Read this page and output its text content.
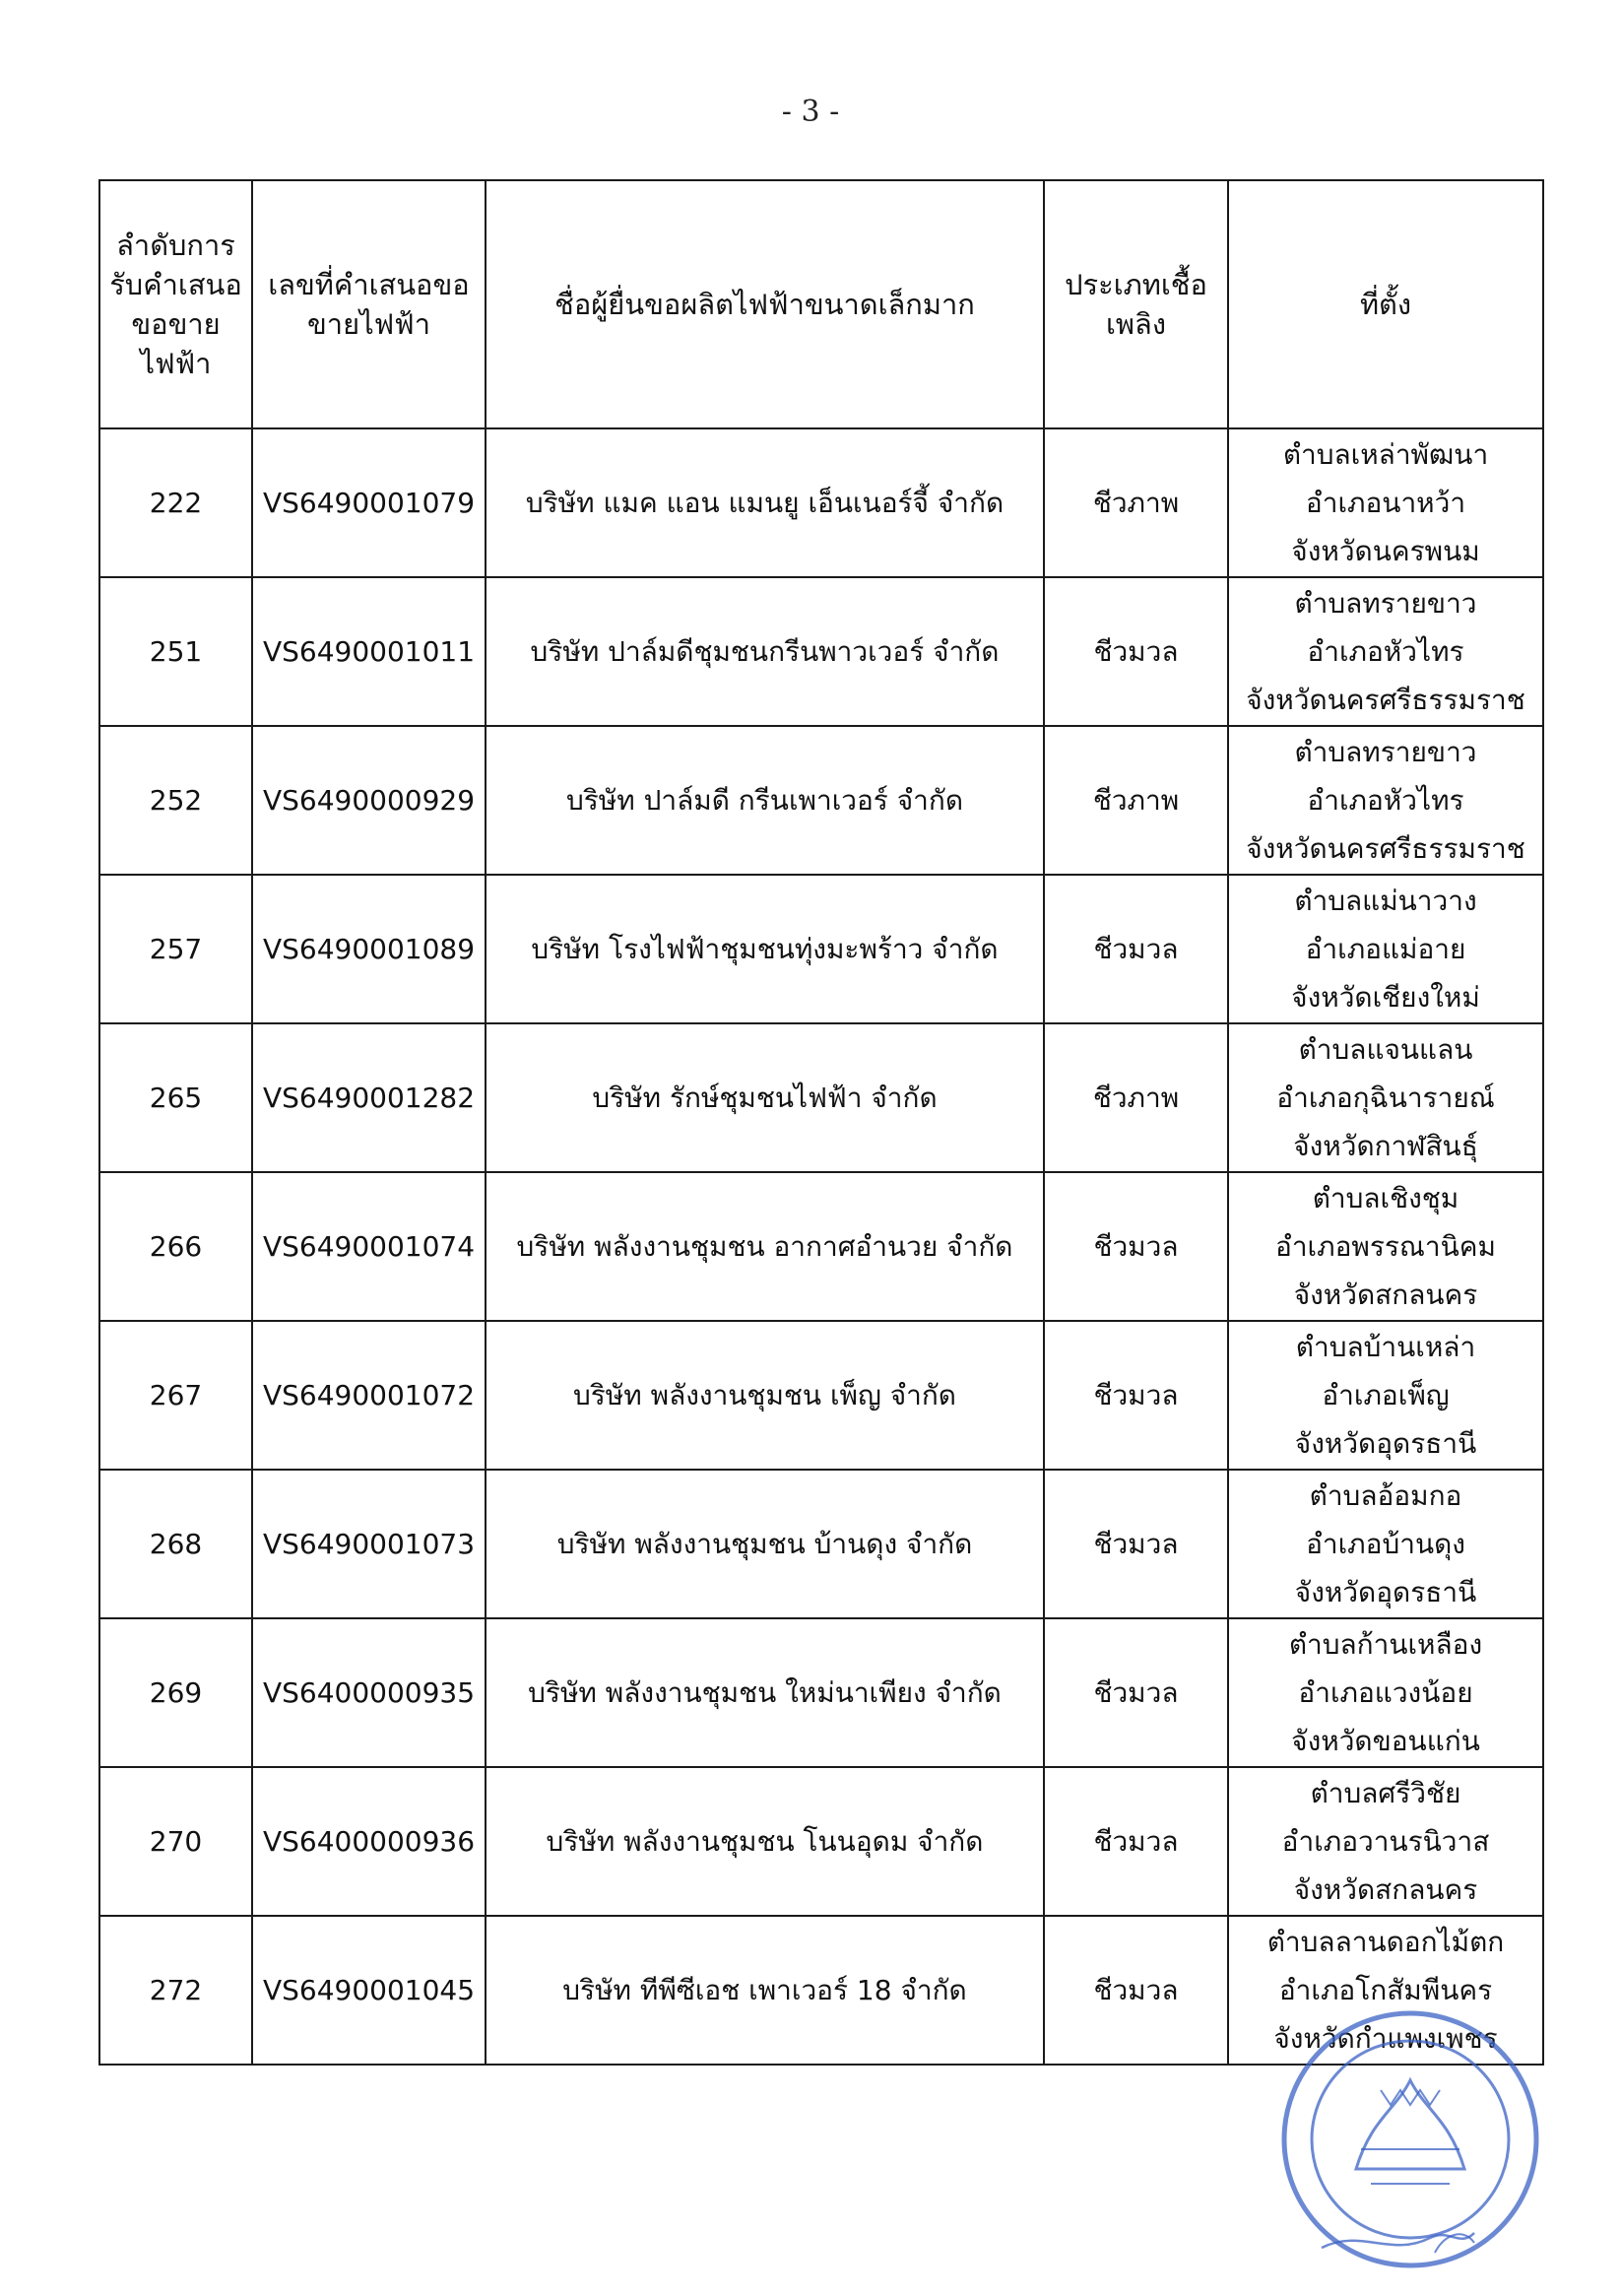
- 3 -
ลำดับการรับคำเสนอขอขายไฟฟ้า	เลขที่คำเสนอขอขายไฟฟ้า	ชื่อผู้ยื่นขอผลิตไฟฟ้าขนาดเล็กมาก	ประเภทเชื้อเพลิง	ที่ตั้ง
222	VS6490001079	บริษัท แมค แอน แมนยู เอ็นเนอร์จี้ จำกัด	ชีวภาพ	ตำบลเหล่าพัฒนา
อำเภอนาหว้า
จังหวัดนครพนม

251	VS6490001011	บริษัท ปาล์มดีชุมชนกรีนพาวเวอร์ จำกัด	ชีวมวล	ตำบลทรายขาว
อำเภอหัวไทร
จังหวัดนครศรีธรรมราช

252	VS6490000929	บริษัท ปาล์มดี กรีนเพาเวอร์ จำกัด	ชีวภาพ	ตำบลทรายขาว
อำเภอหัวไทร
จังหวัดนครศรีธรรมราช

257	VS6490001089	บริษัท โรงไฟฟ้าชุมชนทุ่งมะพร้าว จำกัด	ชีวมวล	ตำบลแม่นาวาง
อำเภอแม่อาย
จังหวัดเชียงใหม่

265	VS6490001282	บริษัท รักษ์ชุมชนไฟฟ้า จำกัด	ชีวภาพ	ตำบลแจนแลน
อำเภอกุฉินารายณ์
จังหวัดกาฬสินธุ์

266	VS6490001074	บริษัท พลังงานชุมชน อากาศอำนวย จำกัด	ชีวมวล	ตำบลเชิงชุม
อำเภอพรรณานิคม
จังหวัดสกลนคร

267	VS6490001072	บริษัท พลังงานชุมชน เพ็ญ จำกัด	ชีวมวล	ตำบลบ้านเหล่า
อำเภอเพ็ญ
จังหวัดอุดรธานี

268	VS6490001073	บริษัท พลังงานชุมชน บ้านดุง จำกัด	ชีวมวล	ตำบลอ้อมกอ
อำเภอบ้านดุง
จังหวัดอุดรธานี

269	VS6400000935	บริษัท พลังงานชุมชน ใหม่นาเพียง จำกัด	ชีวมวล	ตำบลก้านเหลือง
อำเภอแวงน้อย
จังหวัดขอนแก่น

270	VS6400000936	บริษัท พลังงานชุมชน โนนอุดม จำกัด	ชีวมวล	ตำบลศรีวิชัย
อำเภอวานรนิวาส
จังหวัดสกลนคร

272	VS6490001045	บริษัท ทีพีซีเอช เพาเวอร์ 18 จำกัด	ชีวมวล	ตำบลลานดอกไม้ตก
อำเภอโกสัมพีนคร
จังหวัดกำแพงเพชร
